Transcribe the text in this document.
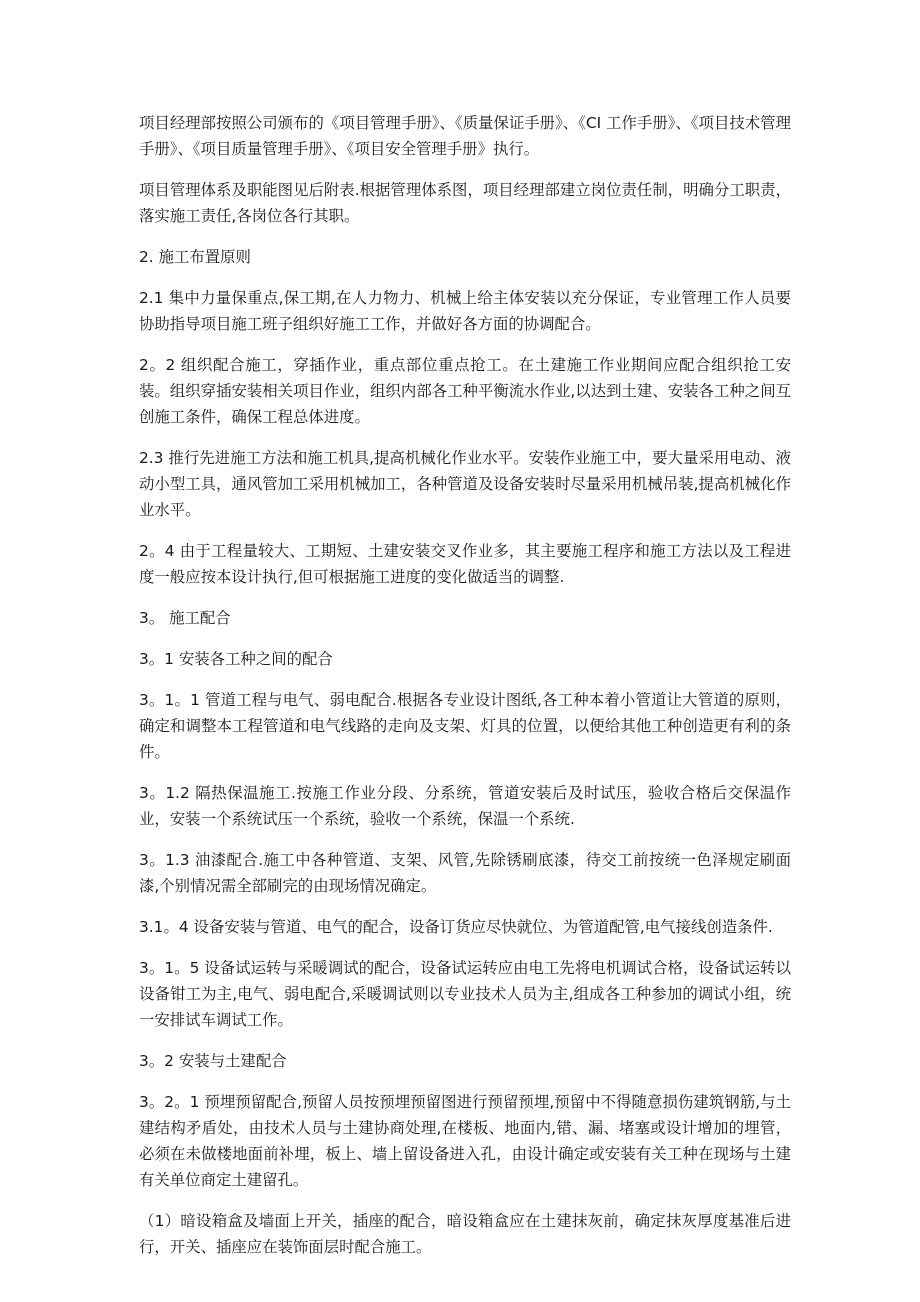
项目经理部按照公司颁布的《项目管理手册》、《质量保证手册》、《CI 工作手册》、《项目技术管理手册》、《项目质量管理手册》、《项目安全管理手册》执行。

项目管理体系及职能图见后附表.根据管理体系图，项目经理部建立岗位责任制，明确分工职责，落实施工责任,各岗位各行其职。

2. 施工布置原则

2.1 集中力量保重点,保工期,在人力物力、机械上给主体安装以充分保证，专业管理工作人员要协助指导项目施工班子组织好施工工作，并做好各方面的协调配合。

2。2 组织配合施工，穿插作业，重点部位重点抢工。在土建施工作业期间应配合组织抢工安装。组织穿插安装相关项目作业，组织内部各工种平衡流水作业,以达到土建、安装各工种之间互创施工条件，确保工程总体进度。

2.3 推行先进施工方法和施工机具,提高机械化作业水平。安装作业施工中，要大量采用电动、液动小型工具，通风管加工采用机械加工，各种管道及设备安装时尽量采用机械吊装,提高机械化作业水平。

2。4 由于工程量较大、工期短、土建安装交叉作业多，其主要施工程序和施工方法以及工程进度一般应按本设计执行,但可根据施工进度的变化做适当的调整.

3。 施工配合

3。1 安装各工种之间的配合

3。1。1 管道工程与电气、弱电配合.根据各专业设计图纸,各工种本着小管道让大管道的原则，确定和调整本工程管道和电气线路的走向及支架、灯具的位置，以便给其他工种创造更有利的条件。

3。1.2 隔热保温施工.按施工作业分段、分系统，管道安装后及时试压，验收合格后交保温作业，安装一个系统试压一个系统，验收一个系统，保温一个系统.

3。1.3 油漆配合.施工中各种管道、支架、风管,先除锈刷底漆，待交工前按统一色泽规定刷面漆,个别情况需全部刷完的由现场情况确定。

3.1。4 设备安装与管道、电气的配合，设备订货应尽快就位、为管道配管,电气接线创造条件.

3。1。5 设备试运转与采暖调试的配合，设备试运转应由电工先将电机调试合格，设备试运转以设备钳工为主,电气、弱电配合,采暖调试则以专业技术人员为主,组成各工种参加的调试小组，统一安排试车调试工作。

3。2 安装与土建配合

3。2。1 预埋预留配合,预留人员按预埋预留图进行预留预埋,预留中不得随意损伤建筑钢筋,与土建结构矛盾处，由技术人员与土建协商处理,在楼板、地面内,错、漏、堵塞或设计增加的埋管，必须在未做楼地面前补埋，板上、墙上留设备进入孔，由设计确定或安装有关工种在现场与土建有关单位商定土建留孔。

（1）暗设箱盒及墙面上开关，插座的配合，暗设箱盒应在土建抹灰前，确定抹灰厚度基准后进行，开关、插座应在装饰面层时配合施工。
